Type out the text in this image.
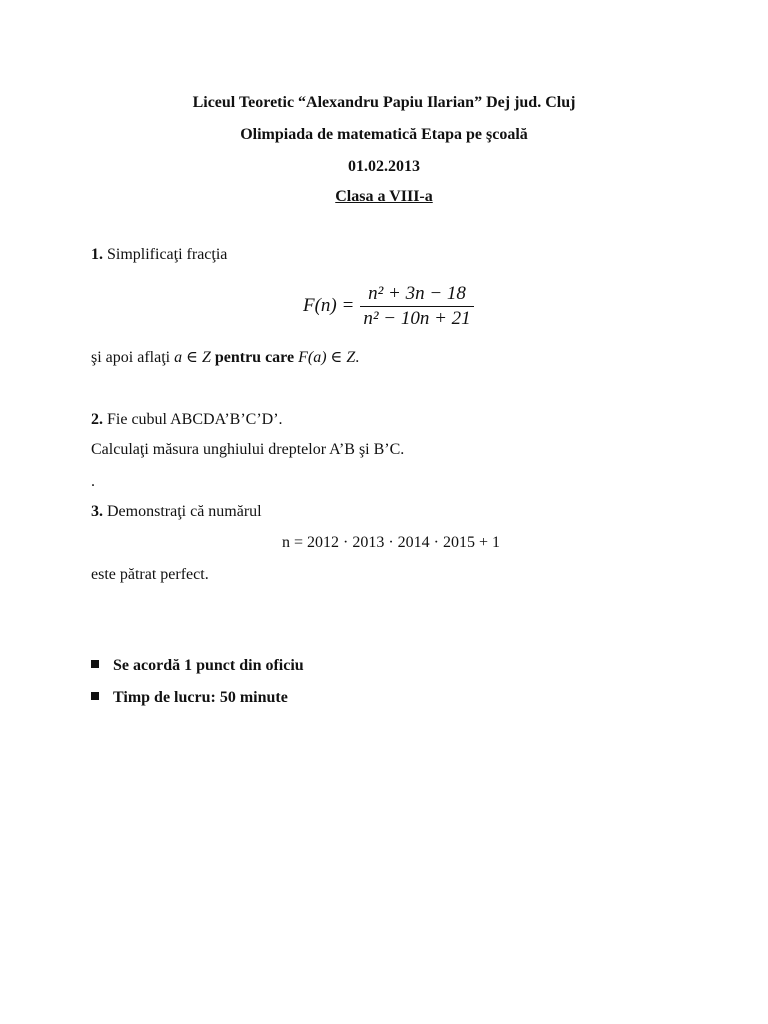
Liceul Teoretic “Alexandru Papiu Ilarian” Dej jud. Cluj
Olimpiada de matematică Etapa pe şcoală
01.02.2013
Clasa a VIII-a
1. Simplificaţi fracţia
$F(n) = \frac{\text{n² + 3n − 18}}{\text{n² − 10n + 21}}$
şi apoi aflaţi a ∈ Z pentru care F(a) ∈ Z.
2. Fie cubul ABCDA’B’C’D’.
Calculaţi măsura unghiului dreptelor A’B şi B’C.
.
3. Demonstraţi că numărul
n = 2012 · 2013 · 2014 · 2015 + 1
este pătrat perfect.
Se acordă 1 punct din oficiu
Timp de lucru: 50 minute
